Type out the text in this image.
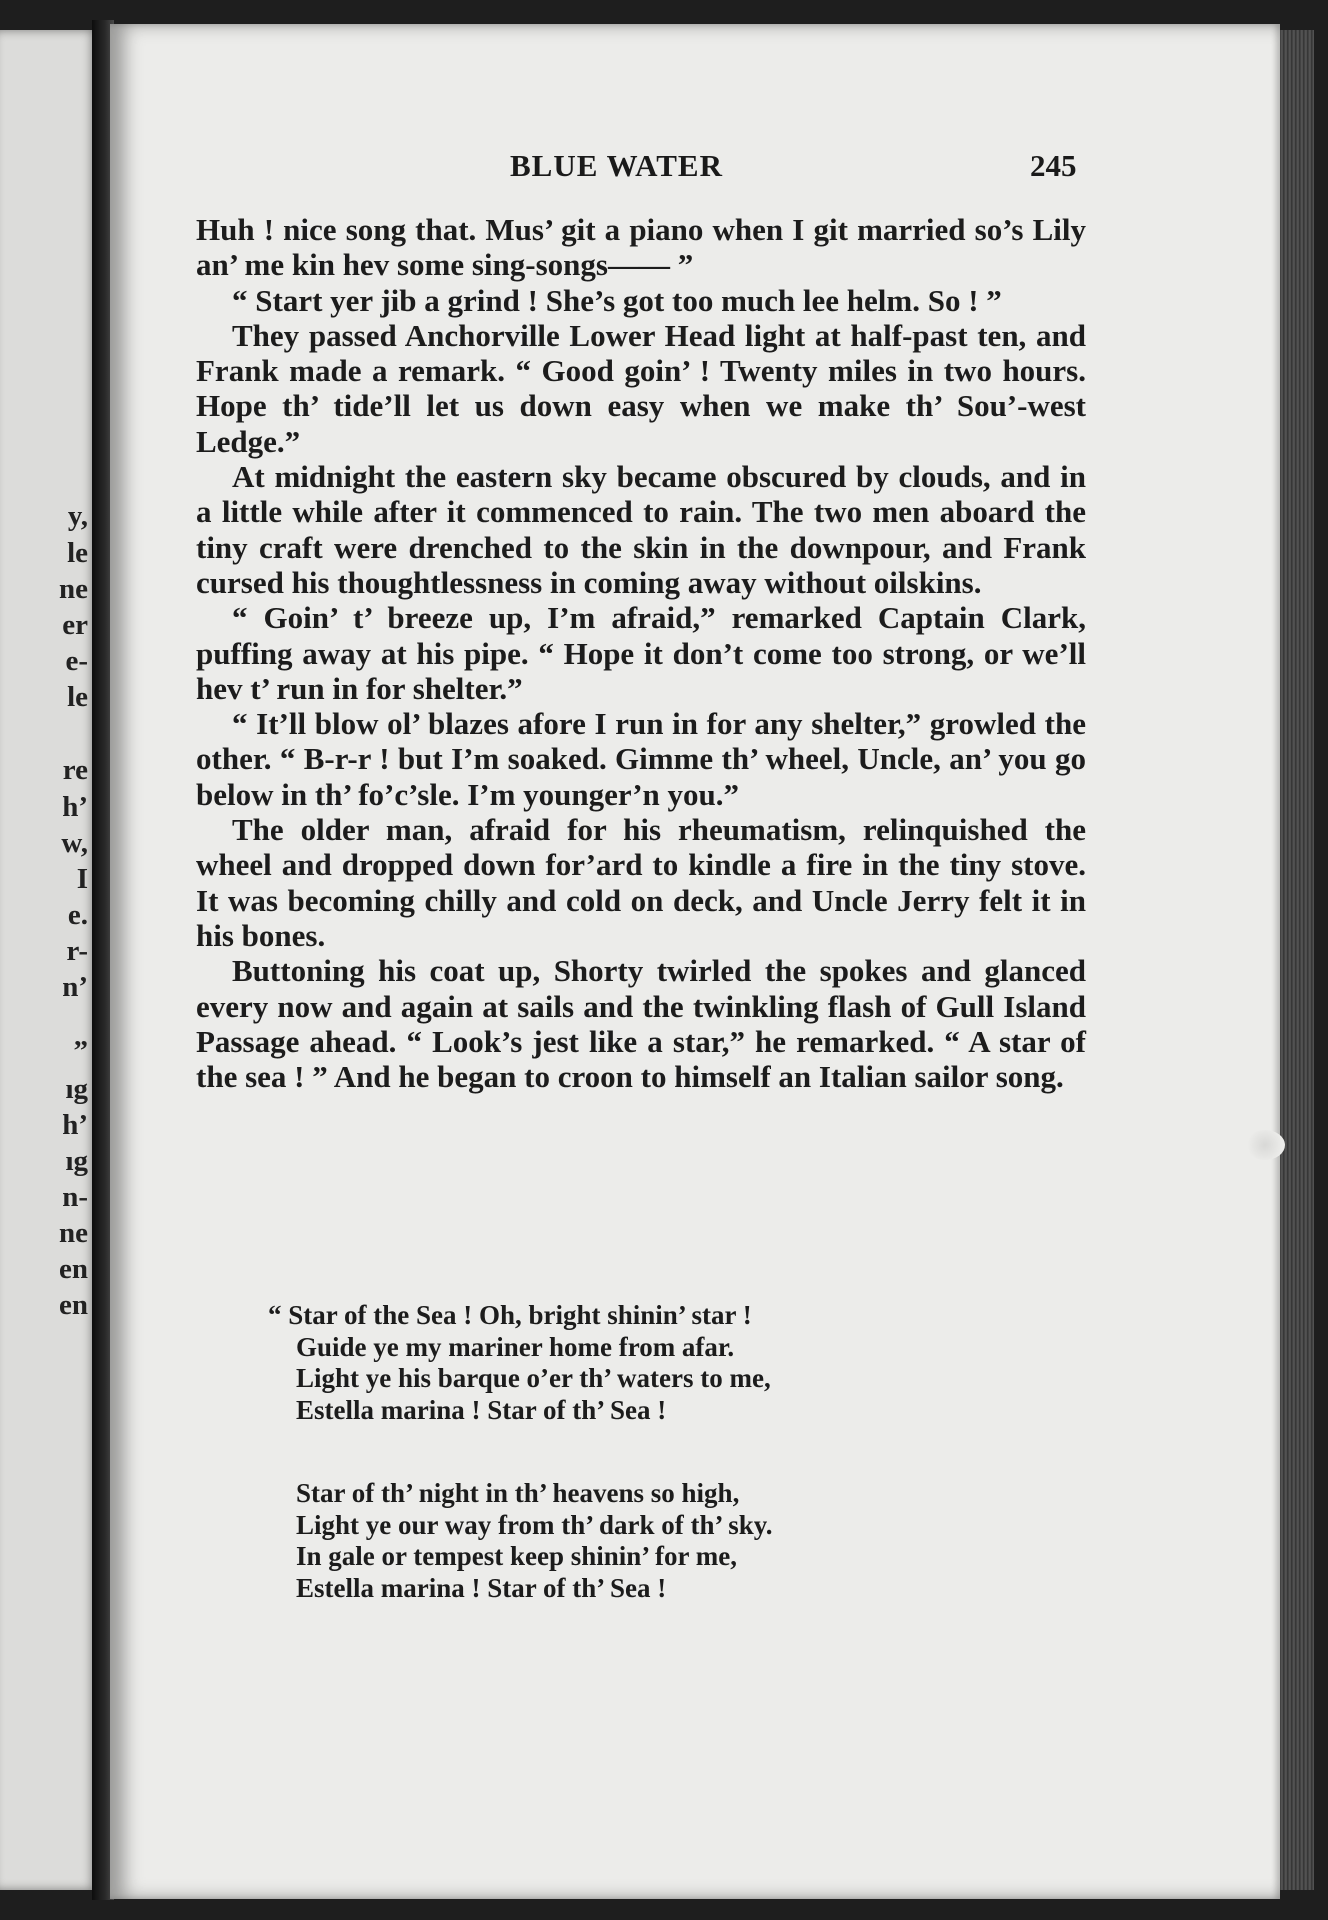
y,
le
ne
er
e-
le
re
h’
w,
I
e.
r-
n’
”
ıg
h’
ıg
n-
ne
en
en
BLUE WATER	245

Huh ! nice song that. Mus’ git a piano when I git married so’s Lily an’ me kin hev some sing-songs—— ”

“ Start yer jib a grind ! She’s got too much lee helm. So ! ”

They passed Anchorville Lower Head light at half-past ten, and Frank made a remark. “ Good goin’ ! Twenty miles in two hours. Hope th’ tide’ll let us down easy when we make th’ Sou’-west Ledge.”

At midnight the eastern sky became obscured by clouds, and in a little while after it commenced to rain. The two men aboard the tiny craft were drenched to the skin in the downpour, and Frank cursed his thoughtlessness in coming away without oilskins.

“ Goin’ t’ breeze up, I’m afraid,” remarked Captain Clark, puffing away at his pipe. “ Hope it don’t come too strong, or we’ll hev t’ run in for shelter.”

“ It’ll blow ol’ blazes afore I run in for any shelter,” growled the other. “ B-r-r ! but I’m soaked. Gimme th’ wheel, Uncle, an’ you go below in th’ fo’c’sle. I’m younger’n you.”

The older man, afraid for his rheumatism, relinquished the wheel and dropped down for’ard to kindle a fire in the tiny stove. It was becoming chilly and cold on deck, and Uncle Jerry felt it in his bones.

Buttoning his coat up, Shorty twirled the spokes and glanced every now and again at sails and the twinkling flash of Gull Island Passage ahead. “ Look’s jest like a star,” he remarked. “ A star of the sea ! ” And he began to croon to himself an Italian sailor song.

“ Star of the Sea ! Oh, bright shinin’ star !
Guide ye my mariner home from afar.
Light ye his barque o’er th’ waters to me,
Estella marina ! Star of th’ Sea !
Star of th’ night in th’ heavens so high,
Light ye our way from th’ dark of th’ sky.
In gale or tempest keep shinin’ for me,
Estella marina ! Star of th’ Sea !
